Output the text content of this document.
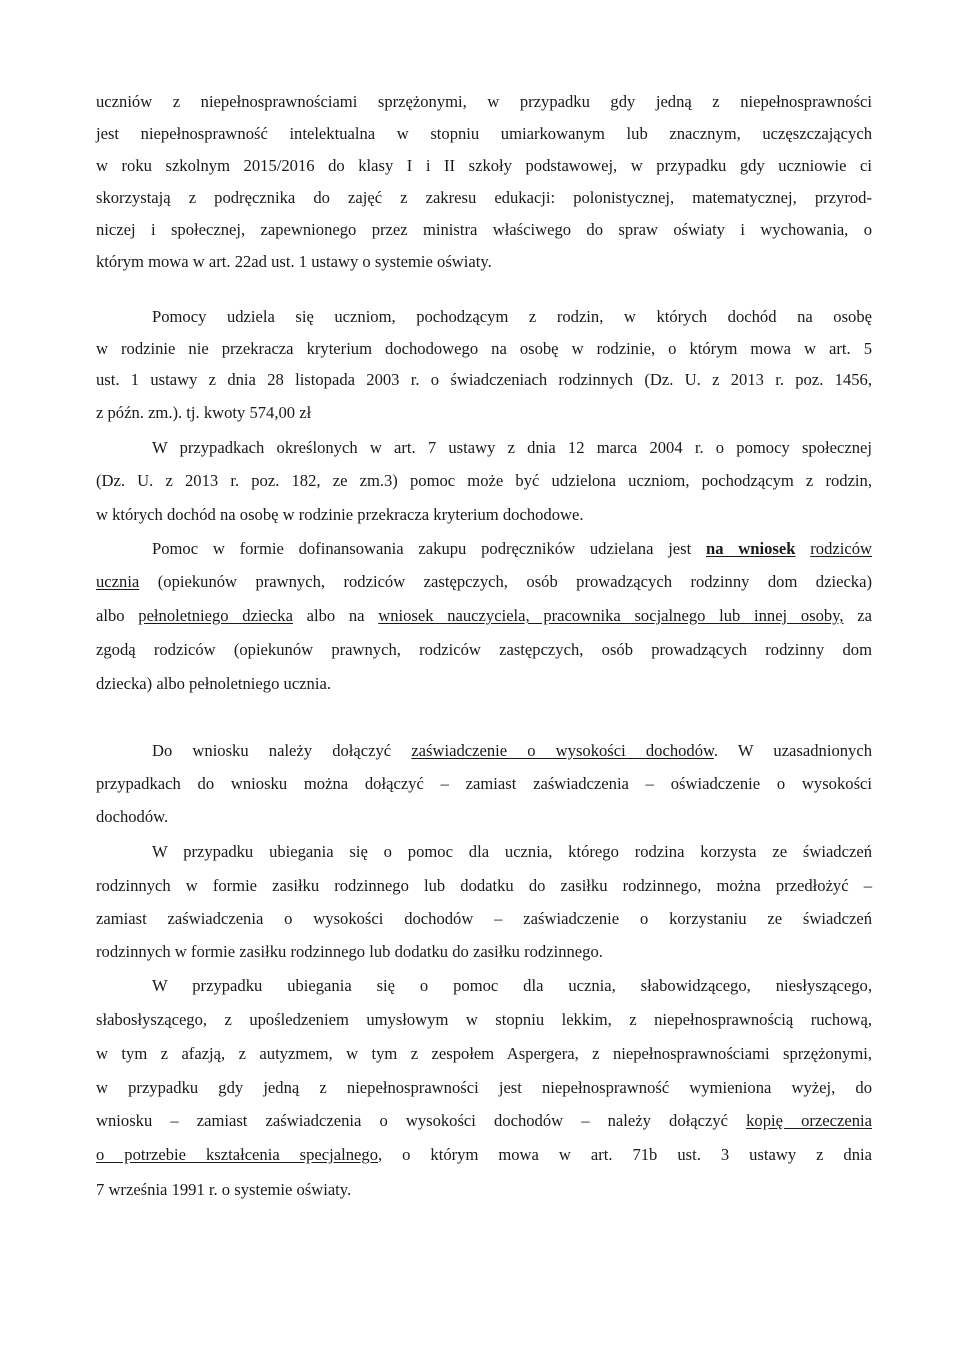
uczniów z niepełnosprawnościami sprzężonymi, w przypadku gdy jedną z niepełnosprawności
jest niepełnosprawność intelektualna w stopniu umiarkowanym lub znacznym, uczęszczających
w roku szkolnym 2015/2016 do klasy I i II szkoły podstawowej, w przypadku gdy uczniowie ci
skorzystają z podręcznika do zajęć z zakresu edukacji: polonistycznej, matematycznej, przyrod-
niczej i społecznej, zapewnionego przez ministra właściwego do spraw oświaty i wychowania, o
którym mowa w art. 22ad ust. 1 ustawy o systemie oświaty.
Pomocy udziela się uczniom, pochodzącym z rodzin, w których dochód na osobę
w rodzinie nie przekracza kryterium dochodowego na osobę w rodzinie, o którym mowa w art. 5
ust. 1 ustawy z dnia 28 listopada 2003 r. o świadczeniach rodzinnych (Dz. U. z 2013 r. poz. 1456,
z późn. zm.). tj. kwoty 574,00 zł
W przypadkach określonych w art. 7 ustawy z dnia 12 marca 2004 r. o pomocy społecznej
(Dz. U. z 2013 r. poz. 182, ze zm.3) pomoc może być udzielona uczniom, pochodzącym z rodzin,
w których dochód na osobę w rodzinie przekracza kryterium dochodowe.
Pomoc w formie dofinansowania zakupu podręczników udzielana jest na wniosek rodziców
ucznia (opiekunów prawnych, rodziców zastępczych, osób prowadzących rodzinny dom dziecka)
albo pełnoletniego dziecka albo na wniosek nauczyciela, pracownika socjalnego lub innej osoby, za
zgodą rodziców (opiekunów prawnych, rodziców zastępczych, osób prowadzących rodzinny dom
dziecka) albo pełnoletniego ucznia.
Do wniosku należy dołączyć zaświadczenie o wysokości dochodów. W uzasadnionych
przypadkach do wniosku można dołączyć – zamiast zaświadczenia – oświadczenie o wysokości
dochodów.
W przypadku ubiegania się o pomoc dla ucznia, którego rodzina korzysta ze świadczeń
rodzinnych w formie zasiłku rodzinnego lub dodatku do zasiłku rodzinnego, można przedłożyć –
zamiast zaświadczenia o wysokości dochodów – zaświadczenie o korzystaniu ze świadczeń
rodzinnych w formie zasiłku rodzinnego lub dodatku do zasiłku rodzinnego.
W przypadku ubiegania się o pomoc dla ucznia, słabowidzącego, niesłyszącego,
słabosłyszącego, z upośledzeniem umysłowym w stopniu lekkim, z niepełnosprawnością ruchową,
w tym z afazją, z autyzmem, w tym z zespołem Aspergera, z niepełnosprawnościami sprzężonymi,
w przypadku gdy jedną z niepełnosprawności jest niepełnosprawność wymieniona wyżej, do
wniosku – zamiast zaświadczenia o wysokości dochodów – należy dołączyć kopię orzeczenia
o potrzebie kształcenia specjalnego, o którym mowa w art. 71b ust. 3 ustawy z dnia
7 września 1991 r. o systemie oświaty.
